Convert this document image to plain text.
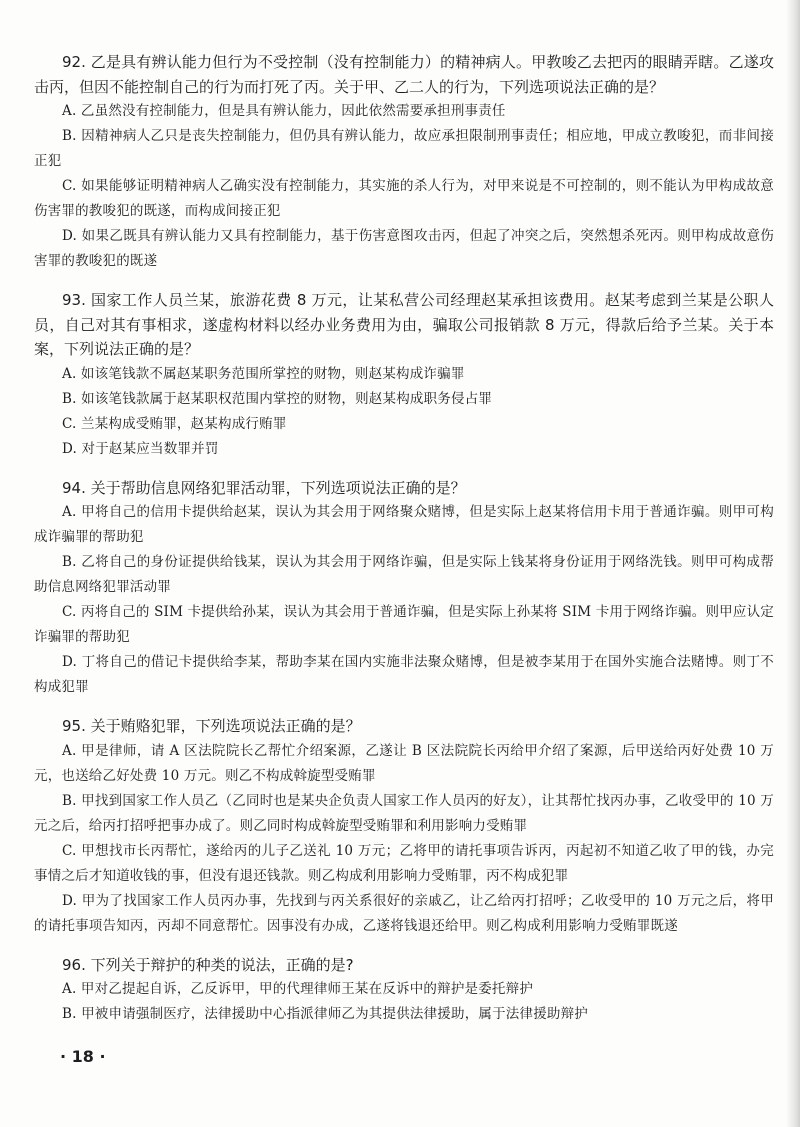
92. 乙是具有辨认能力但行为不受控制（没有控制能力）的精神病人。甲教唆乙去把丙的眼睛弄瞎。乙遂攻击丙，但因不能控制自己的行为而打死了丙。关于甲、乙二人的行为，下列选项说法正确的是？

A. 乙虽然没有控制能力，但是具有辨认能力，因此依然需要承担刑事责任

B. 因精神病人乙只是丧失控制能力，但仍具有辨认能力，故应承担限制刑事责任；相应地，甲成立教唆犯，而非间接正犯

C. 如果能够证明精神病人乙确实没有控制能力，其实施的杀人行为，对甲来说是不可控制的，则不能认为甲构成故意伤害罪的教唆犯的既遂，而构成间接正犯

D. 如果乙既具有辨认能力又具有控制能力，基于伤害意图攻击丙，但起了冲突之后，突然想杀死丙。则甲构成故意伤害罪的教唆犯的既遂

93. 国家工作人员兰某，旅游花费 8 万元，让某私营公司经理赵某承担该费用。赵某考虑到兰某是公职人员，自己对其有事相求，遂虚构材料以经办业务费用为由，骗取公司报销款 8 万元，得款后给予兰某。关于本案，下列说法正确的是？

A. 如该笔钱款不属赵某职务范围所掌控的财物，则赵某构成诈骗罪

B. 如该笔钱款属于赵某职权范围内掌控的财物，则赵某构成职务侵占罪

C. 兰某构成受贿罪，赵某构成行贿罪

D. 对于赵某应当数罪并罚

94. 关于帮助信息网络犯罪活动罪，下列选项说法正确的是？

A. 甲将自己的信用卡提供给赵某，误认为其会用于网络聚众赌博，但是实际上赵某将信用卡用于普通诈骗。则甲可构成诈骗罪的帮助犯

B. 乙将自己的身份证提供给钱某，误认为其会用于网络诈骗，但是实际上钱某将身份证用于网络洗钱。则甲可构成帮助信息网络犯罪活动罪

C. 丙将自己的 SIM 卡提供给孙某，误认为其会用于普通诈骗，但是实际上孙某将 SIM 卡用于网络诈骗。则甲应认定诈骗罪的帮助犯

D. 丁将自己的借记卡提供给李某，帮助李某在国内实施非法聚众赌博，但是被李某用于在国外实施合法赌博。则丁不构成犯罪

95. 关于贿赂犯罪，下列选项说法正确的是？

A. 甲是律师，请 A 区法院院长乙帮忙介绍案源，乙遂让 B 区法院院长丙给甲介绍了案源，后甲送给丙好处费 10 万元，也送给乙好处费 10 万元。则乙不构成斡旋型受贿罪

B. 甲找到国家工作人员乙（乙同时也是某央企负责人国家工作人员丙的好友），让其帮忙找丙办事，乙收受甲的 10 万元之后，给丙打招呼把事办成了。则乙同时构成斡旋型受贿罪和利用影响力受贿罪

C. 甲想找市长丙帮忙，遂给丙的儿子乙送礼 10 万元；乙将甲的请托事项告诉丙，丙起初不知道乙收了甲的钱，办完事情之后才知道收钱的事，但没有退还钱款。则乙构成利用影响力受贿罪，丙不构成犯罪

D. 甲为了找国家工作人员丙办事，先找到与丙关系很好的亲戚乙，让乙给丙打招呼；乙收受甲的 10 万元之后，将甲的请托事项告知丙，丙却不同意帮忙。因事没有办成，乙遂将钱退还给甲。则乙构成利用影响力受贿罪既遂

96. 下列关于辩护的种类的说法，正确的是?

A. 甲对乙提起自诉，乙反诉甲，甲的代理律师王某在反诉中的辩护是委托辩护

B. 甲被申请强制医疗，法律援助中心指派律师乙为其提供法律援助，属于法律援助辩护

· 18 ·
